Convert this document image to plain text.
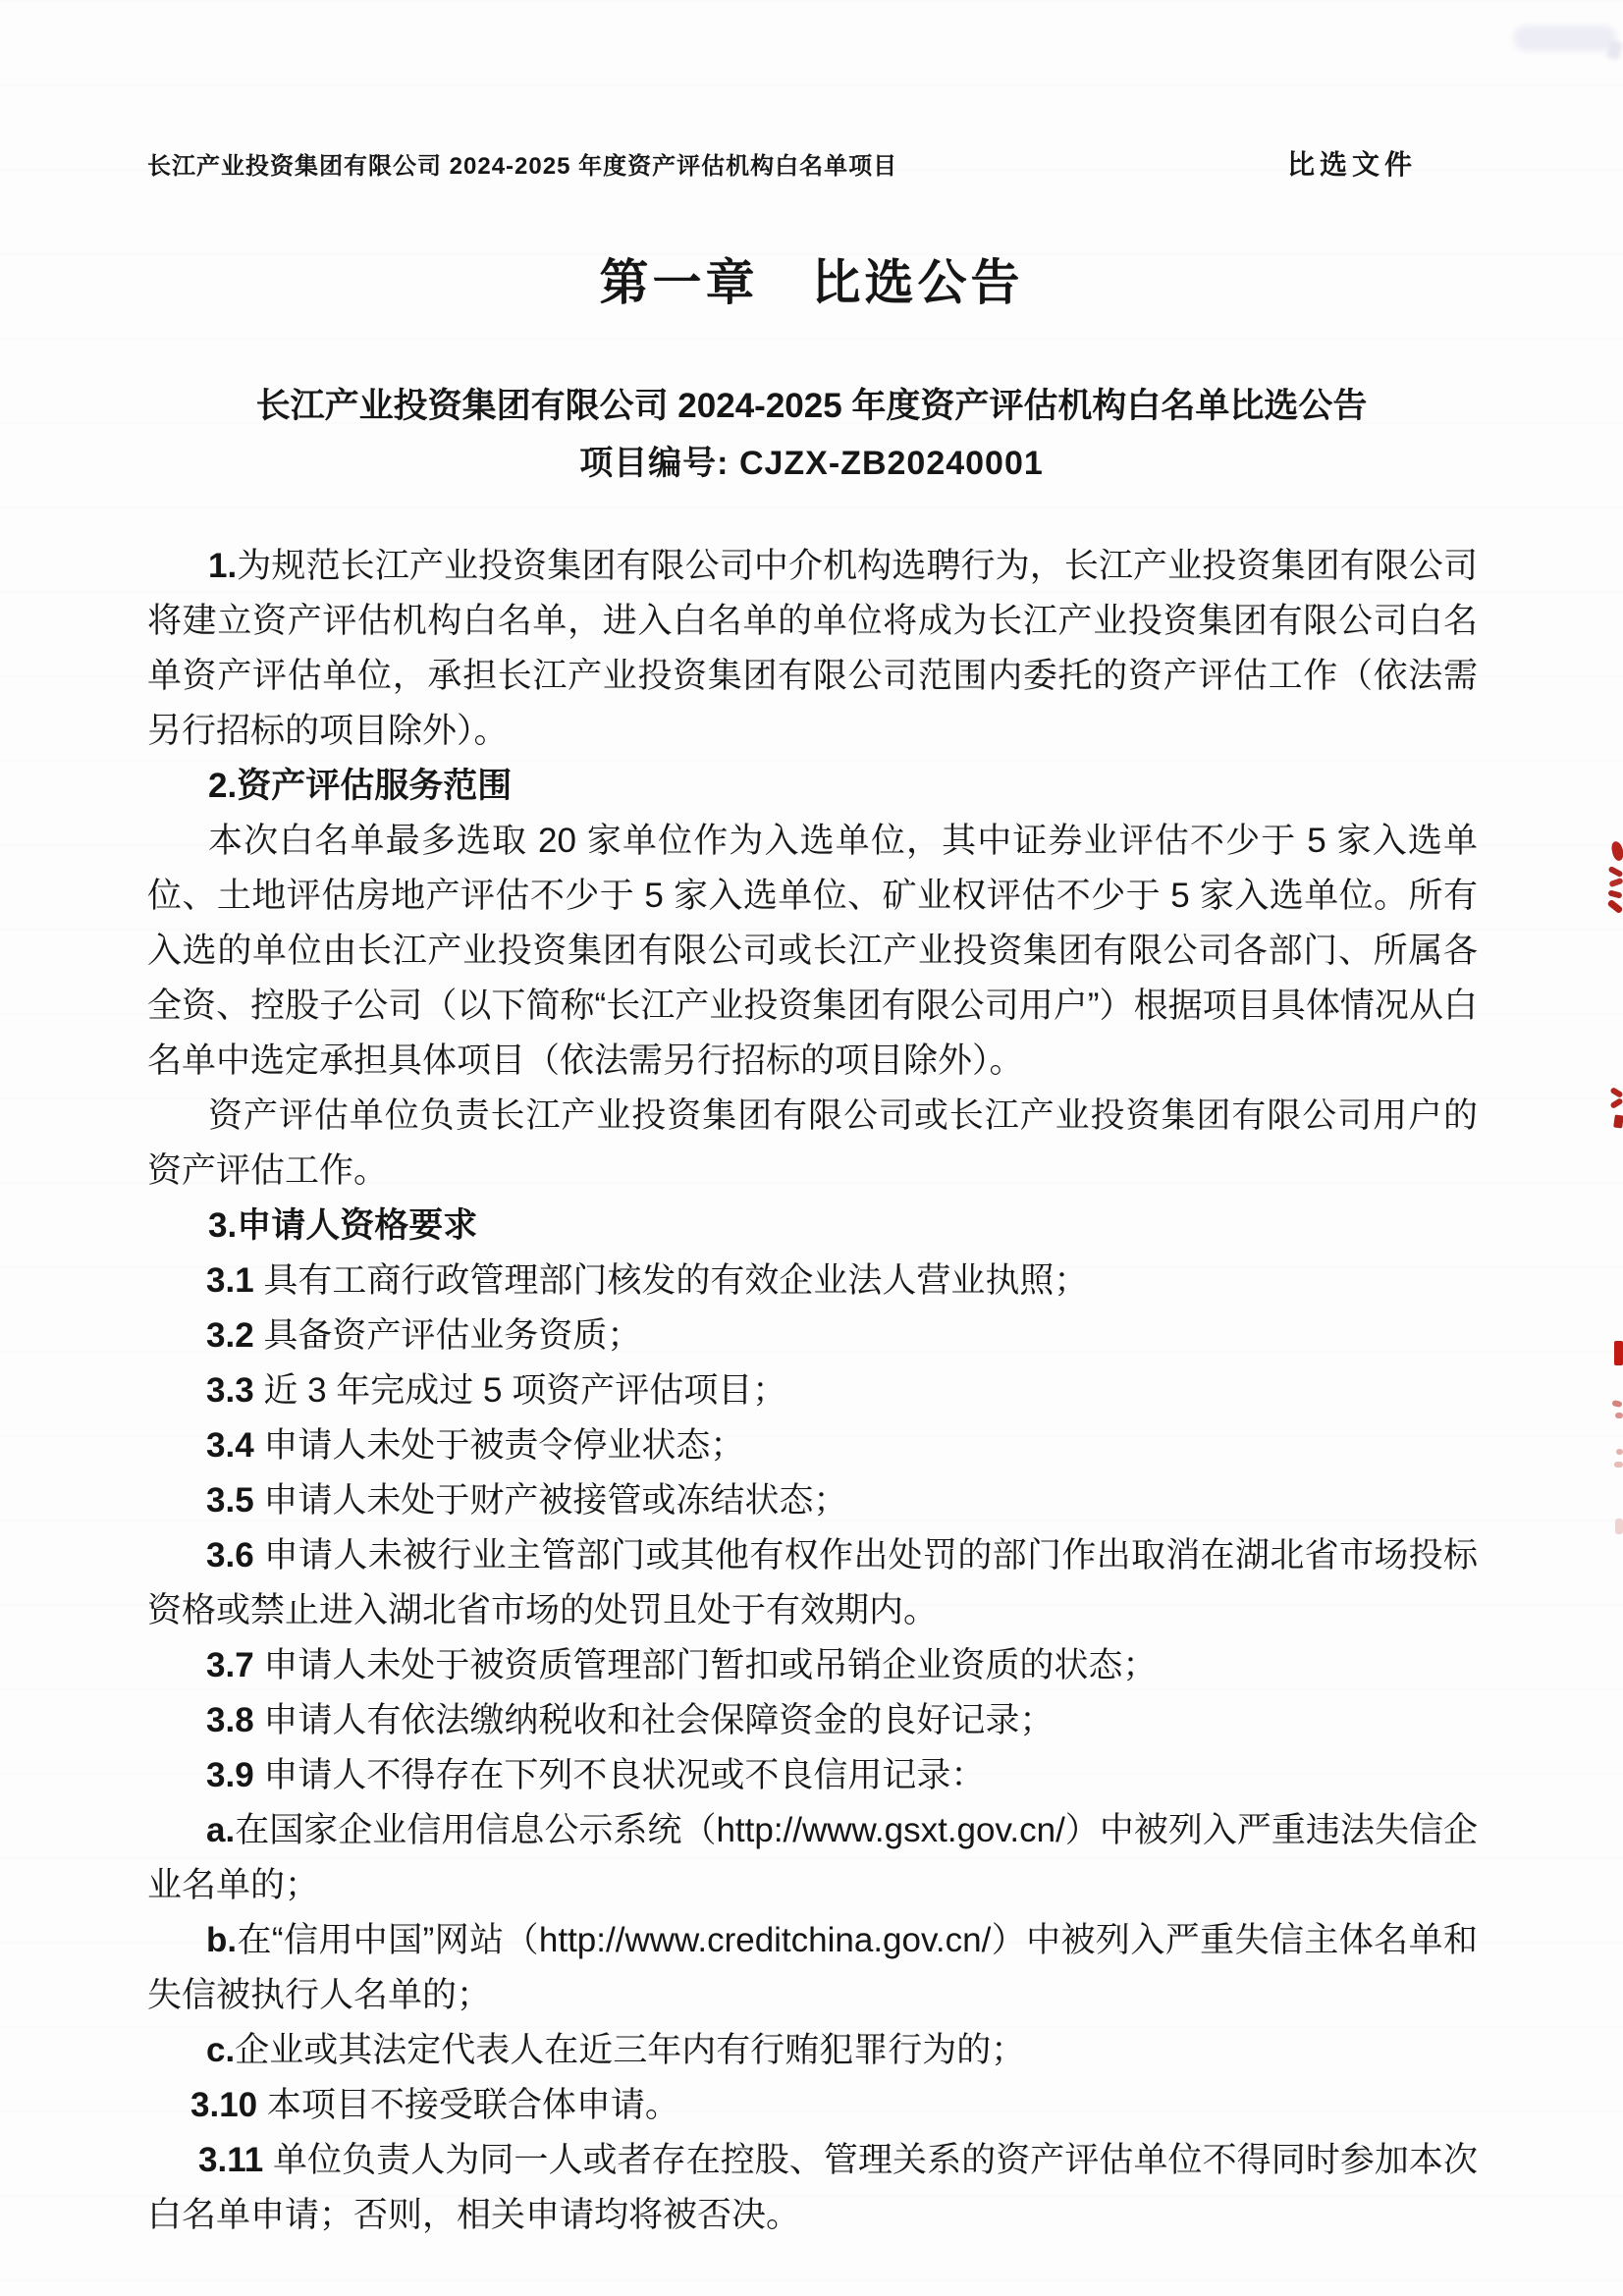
长江产业投资集团有限公司 2024-2025 年度资产评估机构白名单项目	比选文件
第一章　比选公告
长江产业投资集团有限公司 2024-2025 年度资产评估机构白名单比选公告
项目编号: CJZX-ZB20240001

1.为规范长江产业投资集团有限公司中介机构选聘行为，长江产业投资集团有限公司将建立资产评估机构白名单，进入白名单的单位将成为长江产业投资集团有限公司白名单资产评估单位，承担长江产业投资集团有限公司范围内委托的资产评估工作（依法需另行招标的项目除外）。

2.资产评估服务范围

本次白名单最多选取 20 家单位作为入选单位，其中证券业评估不少于 5 家入选单位、土地评估房地产评估不少于 5 家入选单位、矿业权评估不少于 5 家入选单位。所有入选的单位由长江产业投资集团有限公司或长江产业投资集团有限公司各部门、所属各全资、控股子公司（以下简称“长江产业投资集团有限公司用户”）根据项目具体情况从白名单中选定承担具体项目（依法需另行招标的项目除外）。

资产评估单位负责长江产业投资集团有限公司或长江产业投资集团有限公司用户的资产评估工作。

3.申请人资格要求

3.1 具有工商行政管理部门核发的有效企业法人营业执照；

3.2 具备资产评估业务资质；

3.3 近 3 年完成过 5 项资产评估项目；

3.4 申请人未处于被责令停业状态；

3.5 申请人未处于财产被接管或冻结状态；

3.6 申请人未被行业主管部门或其他有权作出处罚的部门作出取消在湖北省市场投标资格或禁止进入湖北省市场的处罚且处于有效期内。

3.7 申请人未处于被资质管理部门暂扣或吊销企业资质的状态；

3.8 申请人有依法缴纳税收和社会保障资金的良好记录；

3.9 申请人不得存在下列不良状况或不良信用记录：

a.在国家企业信用信息公示系统（http://www.gsxt.gov.cn/）中被列入严重违法失信企业名单的；

b.在“信用中国”网站（http://www.creditchina.gov.cn/）中被列入严重失信主体名单和失信被执行人名单的；

c.企业或其法定代表人在近三年内有行贿犯罪行为的；

3.10 本项目不接受联合体申请。

3.11 单位负责人为同一人或者存在控股、管理关系的资产评估单位不得同时参加本次白名单申请；否则，相关申请均将被否决。
